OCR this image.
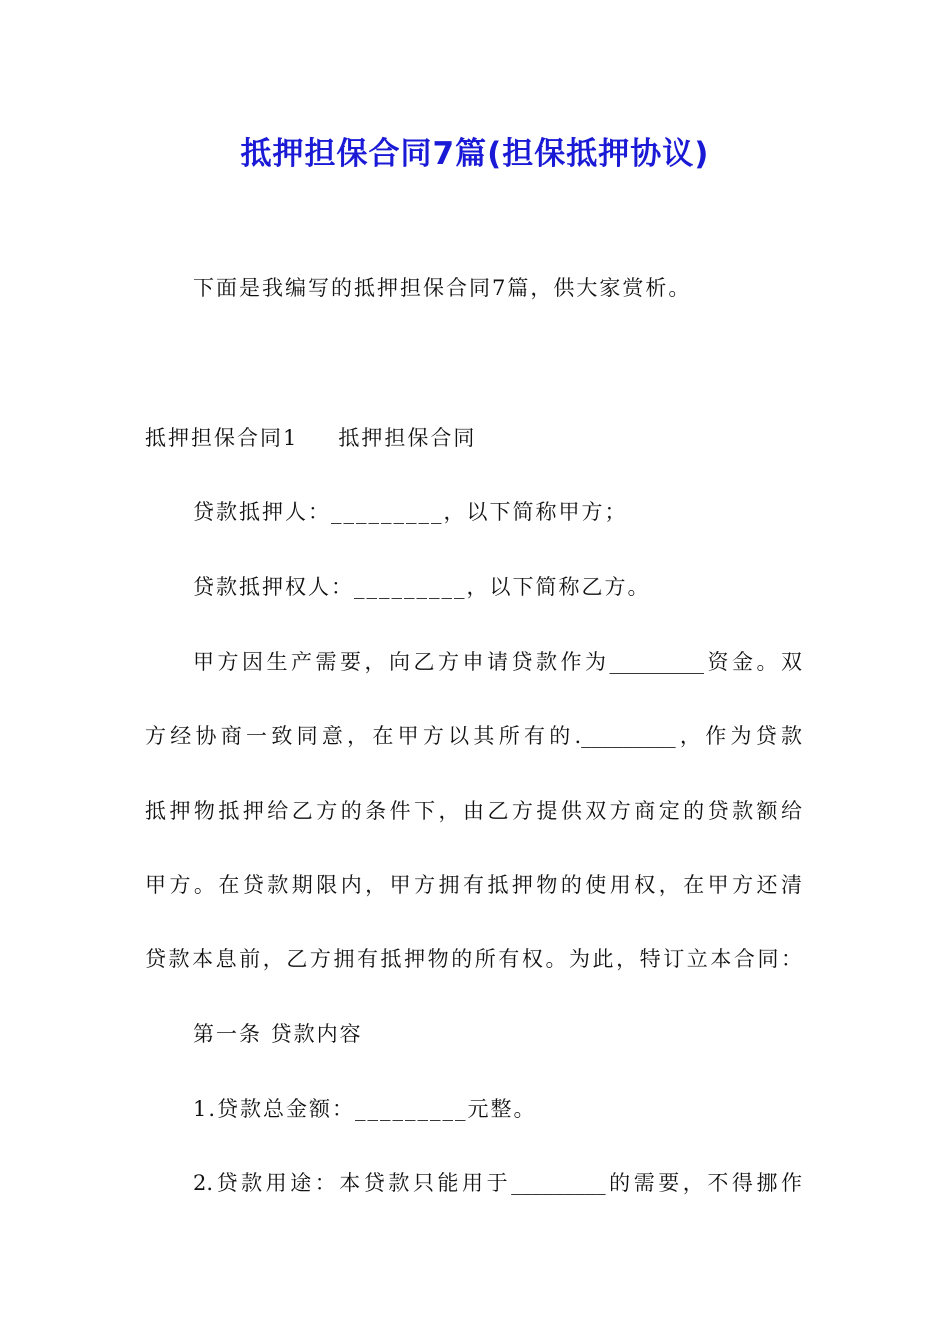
抵押担保合同7篇(担保抵押协议)
下面是我编写的抵押担保合同7篇，供大家赏析。
抵押担保合同1 抵押担保合同
贷款抵押人：_________，以下简称甲方；
贷款抵押权人：_________，以下简称乙方。
甲方因生产需要，向乙方申请贷款作为_________资金。双
方经协商一致同意，在甲方以其所有的._________，作为贷款
抵押物抵押给乙方的条件下，由乙方提供双方商定的贷款额给
甲方。在贷款期限内，甲方拥有抵押物的使用权，在甲方还清
贷款本息前，乙方拥有抵押物的所有权。为此，特订立本合同：
第一条 贷款内容
1.贷款总金额：_________元整。
2.贷款用途：本贷款只能用于_________的需要，不得挪作
